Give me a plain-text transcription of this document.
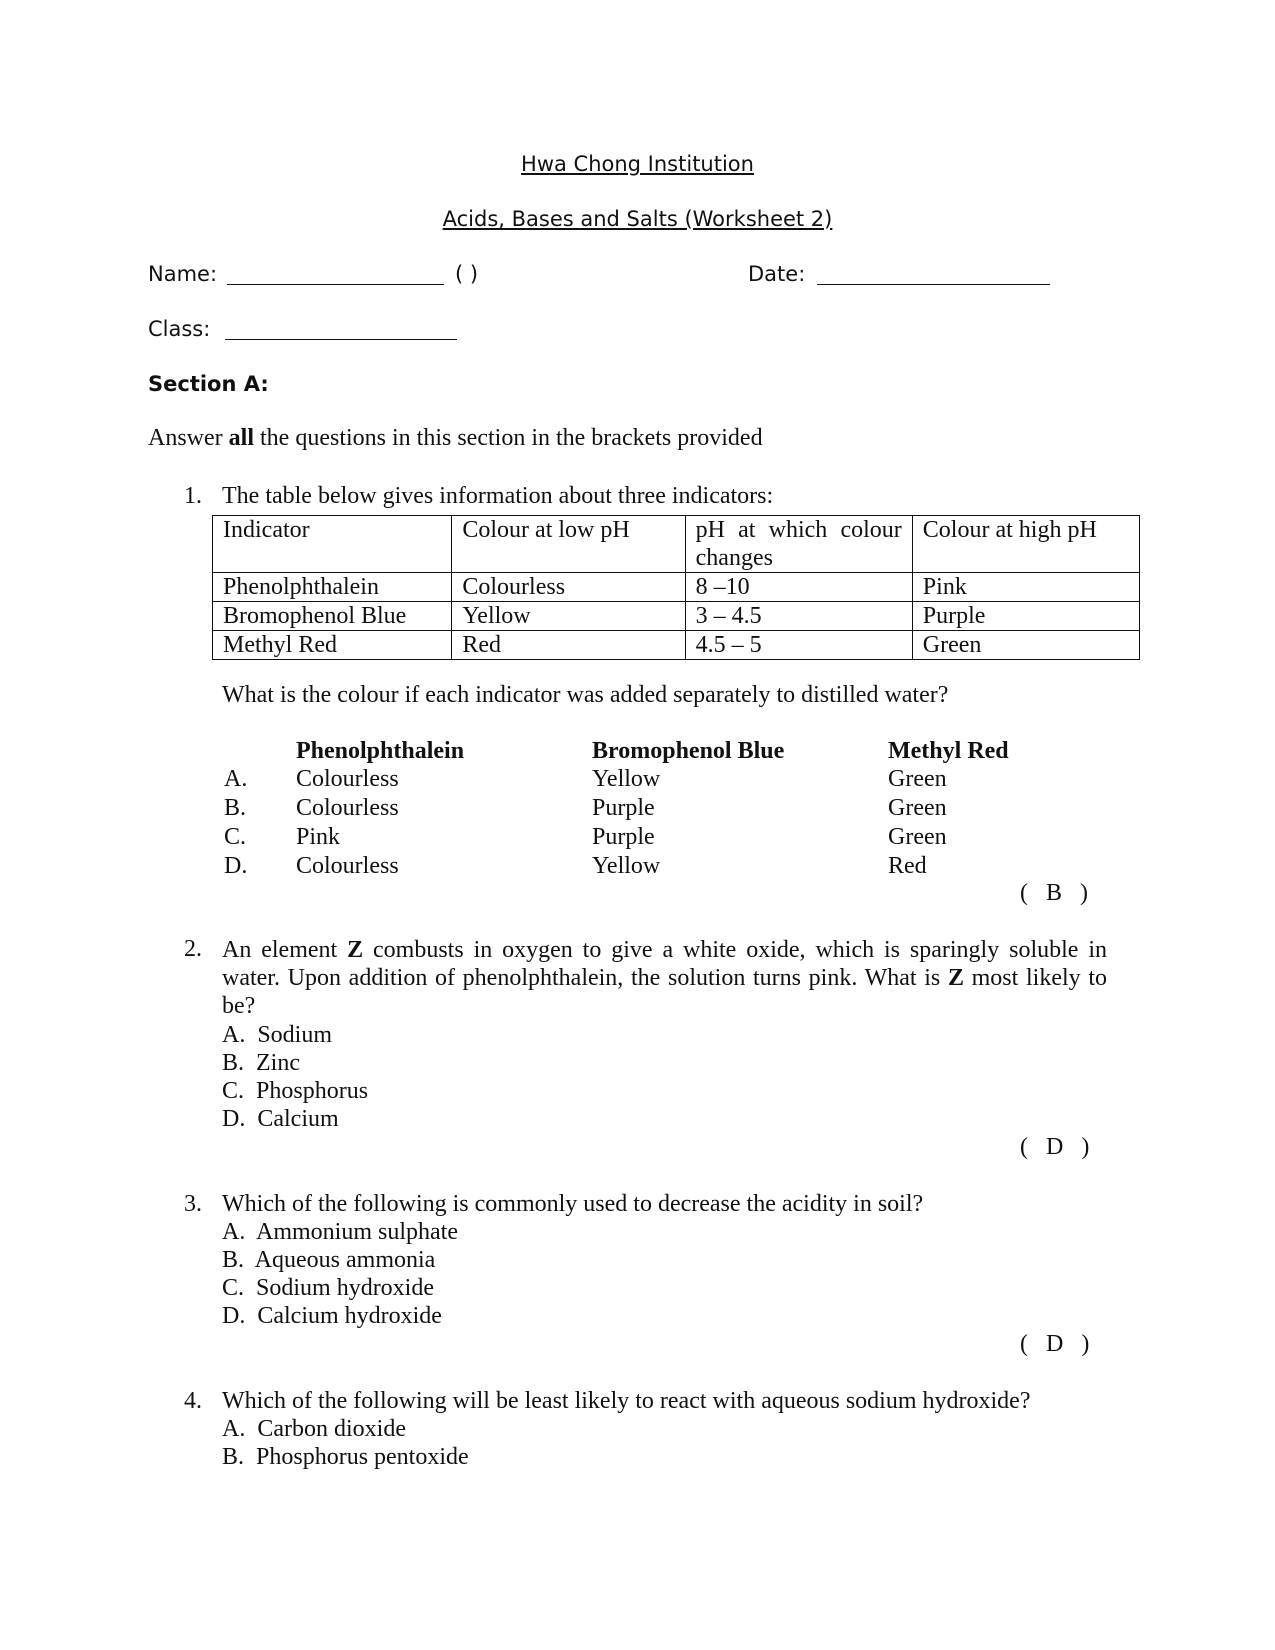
Hwa Chong Institution
Acids, Bases and Salts (Worksheet 2)
Name:	( )	Date:
Class:
Section A:
Answer all the questions in this section in the brackets provided
1. The table below gives information about three indicators:
Indicator	Colour at low pH	pH at which colour changes	Colour at high pH
Phenolphthalein	Colourless	8 –10	Pink
Bromophenol Blue	Yellow	3 – 4.5	Purple
Methyl Red	Red	4.5 – 5	Green
What is the colour if each indicator was added separately to distilled water?
Phenolphthalein	Bromophenol Blue	Methyl Red
A. Colourless	Yellow	Green
B. Colourless	Purple	Green
C. Pink	Purple	Green
D. Colourless	Yellow	Red
(   B   )
2. An element Z combusts in oxygen to give a white oxide, which is sparingly soluble in water. Upon addition of phenolphthalein, the solution turns pink. What is Z most likely to be?
A.  Sodium
B.  Zinc
C.  Phosphorus
D.  Calcium
(   D   )
3. Which of the following is commonly used to decrease the acidity in soil?
A.  Ammonium sulphate
B.  Aqueous ammonia
C.  Sodium hydroxide
D.  Calcium hydroxide
(   D   )
4. Which of the following will be least likely to react with aqueous sodium hydroxide?
A.  Carbon dioxide
B.  Phosphorus pentoxide
